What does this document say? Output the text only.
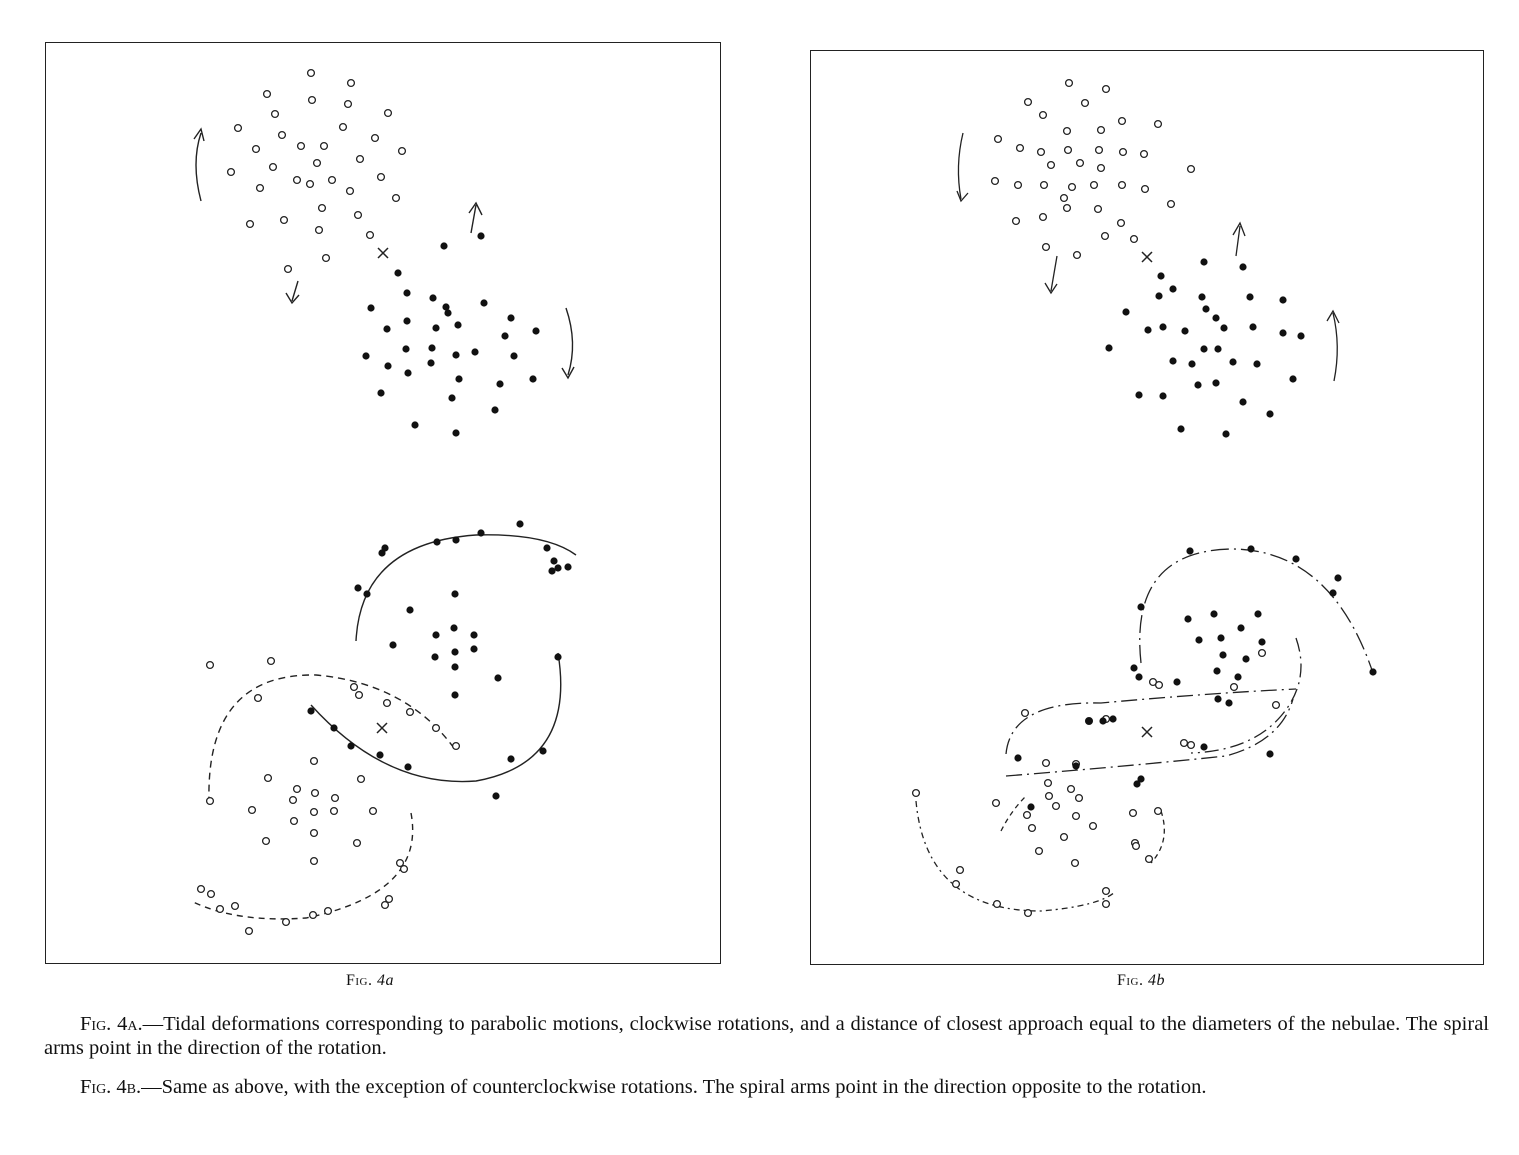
Fig. 4a	Fig. 4b

Fig. 4a.—Tidal deformations corresponding to parabolic motions, clockwise rotations, and a distance of closest approach equal to the diameters of the nebulae. The spiral arms point in the direction of the rotation.

Fig. 4b.—Same as above, with the exception of counterclockwise rotations. The spiral arms point in the direction opposite to the rotation.
